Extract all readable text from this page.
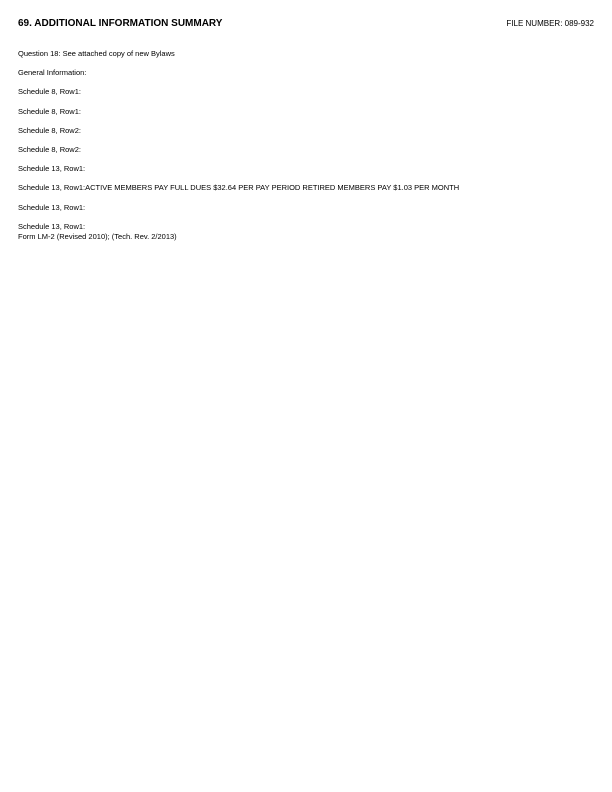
69. ADDITIONAL INFORMATION SUMMARY	FILE NUMBER: 089-932
Question 18: See attached copy of new Bylaws
General Information:
Schedule 8, Row1:
Schedule 8, Row1:
Schedule 8, Row2:
Schedule 8, Row2:
Schedule 13, Row1:
Schedule 13, Row1:ACTIVE MEMBERS PAY FULL DUES $32.64 PER PAY PERIOD RETIRED MEMBERS PAY $1.03 PER MONTH
Schedule 13, Row1:
Schedule 13, Row1:
Form LM-2 (Revised 2010); (Tech. Rev. 2/2013)
